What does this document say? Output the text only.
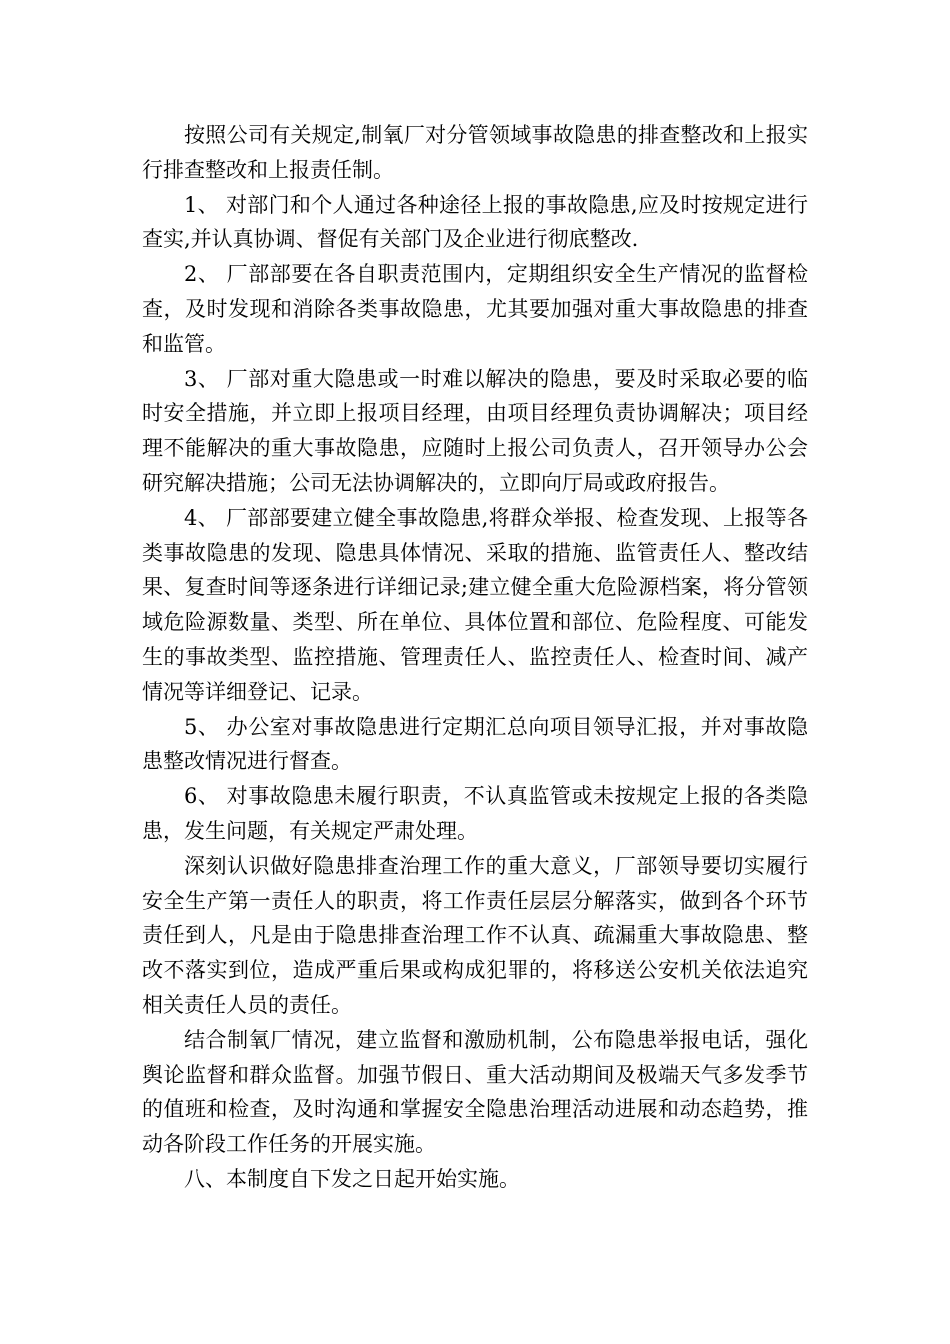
按照公司有关规定,制氧厂对分管领域事故隐患的排查整改和上报实行排查整改和上报责任制。

1、 对部门和个人通过各种途径上报的事故隐患,应及时按规定进行查实,并认真协调、督促有关部门及企业进行彻底整改.

2、 厂部部要在各自职责范围内，定期组织安全生产情况的监督检查，及时发现和消除各类事故隐患，尤其要加强对重大事故隐患的排查和监管。

3、 厂部对重大隐患或一时难以解决的隐患，要及时采取必要的临时安全措施，并立即上报项目经理，由项目经理负责协调解决；项目经理不能解决的重大事故隐患，应随时上报公司负责人，召开领导办公会研究解决措施；公司无法协调解决的，立即向厅局或政府报告。

4、 厂部部要建立健全事故隐患,将群众举报、检查发现、上报等各类事故隐患的发现、隐患具体情况、采取的措施、监管责任人、整改结果、复查时间等逐条进行详细记录;建立健全重大危险源档案，将分管领域危险源数量、类型、所在单位、具体位置和部位、危险程度、可能发生的事故类型、监控措施、管理责任人、监控责任人、检查时间、减产情况等详细登记、记录。

5、 办公室对事故隐患进行定期汇总向项目领导汇报，并对事故隐患整改情况进行督查。

6、 对事故隐患未履行职责，不认真监管或未按规定上报的各类隐患，发生问题，有关规定严肃处理。

深刻认识做好隐患排查治理工作的重大意义，厂部领导要切实履行安全生产第一责任人的职责，将工作责任层层分解落实，做到各个环节责任到人，凡是由于隐患排查治理工作不认真、疏漏重大事故隐患、整改不落实到位，造成严重后果或构成犯罪的，将移送公安机关依法追究相关责任人员的责任。

结合制氧厂情况，建立监督和激励机制，公布隐患举报电话，强化舆论监督和群众监督。加强节假日、重大活动期间及极端天气多发季节的值班和检查，及时沟通和掌握安全隐患治理活动进展和动态趋势，推动各阶段工作任务的开展实施。

八、本制度自下发之日起开始实施。
